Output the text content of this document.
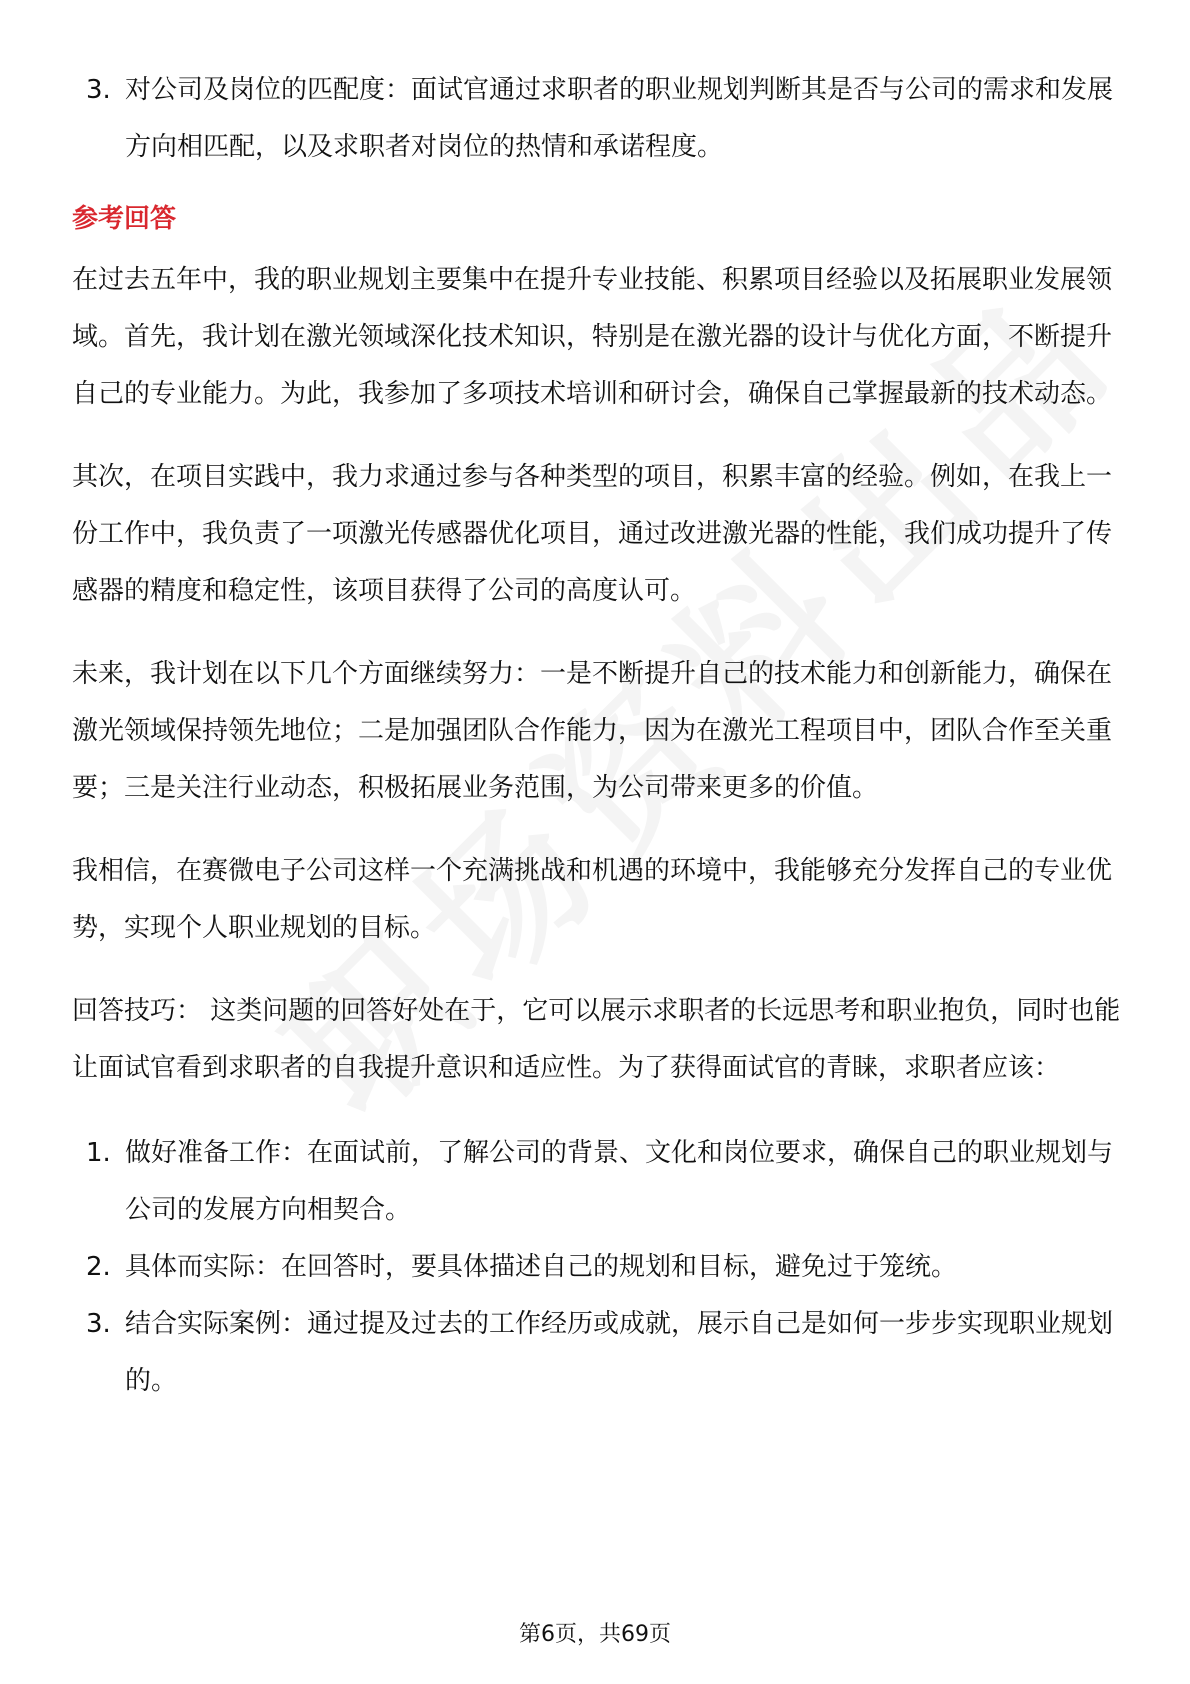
3. 对公司及岗位的匹配度：面试官通过求职者的职业规划判断其是否与公司的需求和发展方向相匹配，以及求职者对岗位的热情和承诺程度。
参考回答

在过去五年中，我的职业规划主要集中在提升专业技能、积累项目经验以及拓展职业发展领域。首先，我计划在激光领域深化技术知识，特别是在激光器的设计与优化方面，不断提升自己的专业能力。为此，我参加了多项技术培训和研讨会，确保自己掌握最新的技术动态。

其次，在项目实践中，我力求通过参与各种类型的项目，积累丰富的经验。例如，在我上一份工作中，我负责了一项激光传感器优化项目，通过改进激光器的性能，我们成功提升了传感器的精度和稳定性，该项目获得了公司的高度认可。

未来，我计划在以下几个方面继续努力：一是不断提升自己的技术能力和创新能力，确保在激光领域保持领先地位；二是加强团队合作能力，因为在激光工程项目中，团队合作至关重要；三是关注行业动态，积极拓展业务范围，为公司带来更多的价值。

我相信，在赛微电子公司这样一个充满挑战和机遇的环境中，我能够充分发挥自己的专业优势，实现个人职业规划的目标。

回答技巧： 这类问题的回答好处在于，它可以展示求职者的长远思考和职业抱负，同时也能让面试官看到求职者的自我提升意识和适应性。为了获得面试官的青睐，求职者应该：

1. 做好准备工作：在面试前，了解公司的背景、文化和岗位要求，确保自己的职业规划与公司的发展方向相契合。
2. 具体而实际：在回答时，要具体描述自己的规划和目标，避免过于笼统。
3. 结合实际案例：通过提及过去的工作经历或成就，展示自己是如何一步步实现职业规划的。
第6页，共69页
